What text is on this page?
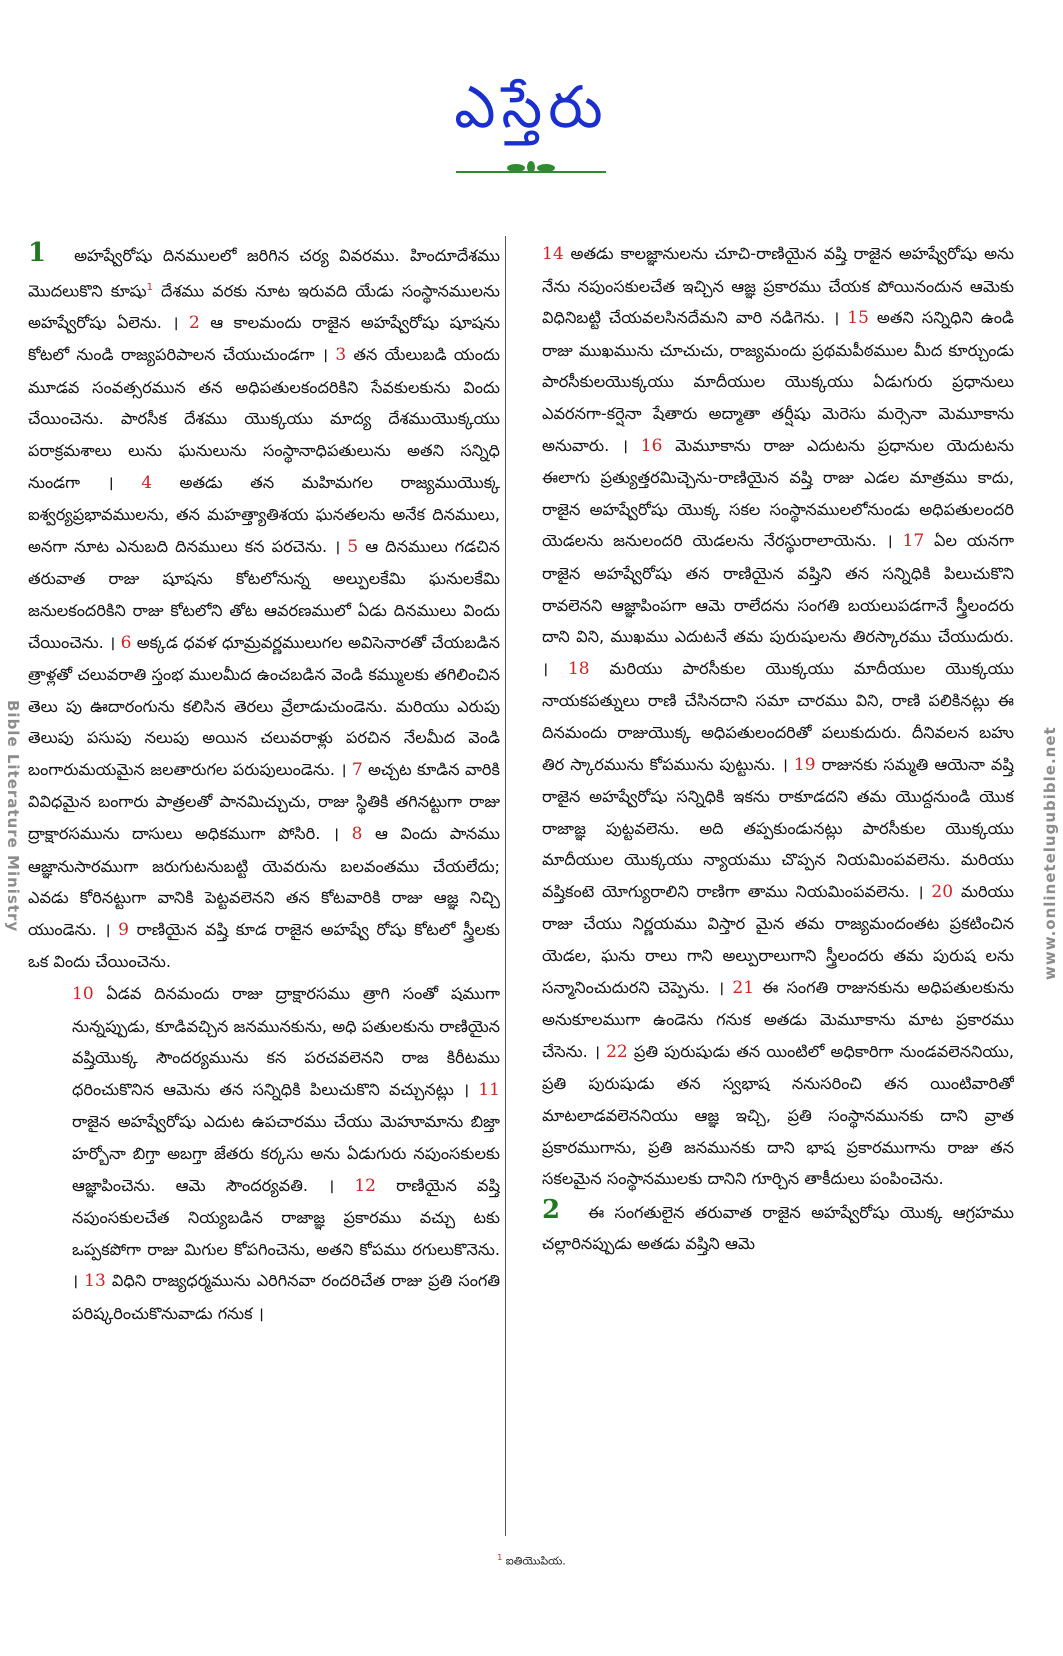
ఎస్తేరు
Bible Literature Ministry	www.onlinetelugubible.net

1 అహష్వేరోషు దినములలో జరిగిన చర్య వివరము. హిందూదేశము మొదలుకొని కూషు$^1$ దేశము వరకు నూట ఇరువది యేడు సంస్థానములను అహష్వేరోషు ఏలెను. । 2 ఆ కాలమందు రాజైన అహష్వేరోషు షూషను కోటలో నుండి రాజ్యపరిపాలన చేయుచుండగా । 3 తన యేలుబడి యందు మూడవ సంవత్సరమున తన అధిపతులకందరికిని సేవకులకును విందు చేయించెను. పారసీక దేశము యొక్కయు మాద్య దేశముయొక్కయు పరాక్రమశాలు లును ఘనులును సంస్థానాధిపతులును అతని సన్నిధి నుండగా । 4 అతడు తన మహిమగల రాజ్యముయొక్క ఐశ్వర్యప్రభావములను, తన మహత్త్యాతిశయ ఘనతలను అనేక దినములు, అనగా నూట ఎనుబది దినములు కన పరచెను. । 5 ఆ దినములు గడచిన తరువాత రాజు షూషను కోటలోనున్న అల్పులకేమి ఘనులకేమి జనులకందరికిని రాజు కోటలోని తోట ఆవరణములో ఏడు దినములు విందు చేయించెను. । 6 అక్కడ ధవళ ధూమ్రవర్ణములుగల అవిసెనారతో చేయబడిన త్రాళ్లతో చలువరాతి స్తంభ ములమీద ఉంచబడిన వెండి కమ్ములకు తగిలించిన తెలు పు ఊదారంగును కలిసిన తెరలు వ్రేలాడుచుండెను. మరియు ఎరుపు తెలుపు పసుపు నలుపు అయిన చలువరాళ్లు పరచిన నేలమీద వెండి బంగారుమయమైన జలతారుగల పరుపులుండెను. । 7 అచ్చట కూడిన వారికి వివిధమైన బంగారు పాత్రలతో పానమిచ్చుచు, రాజు స్థితికి తగినట్టుగా రాజు ద్రాక్షారసమును దాసులు అధికముగా పోసిరి. । 8 ఆ విందు పానము ఆజ్ఞానుసారముగా జరుగుటనుబట్టి యెవరును బలవంతము చేయలేదు; ఎవడు కోరినట్టుగా వానికి పెట్టవలెనని తన కోటవారికి రాజు ఆజ్ఞ నిచ్చి యుండెను. । 9 రాణియైన వష్తి కూడ రాజైన అహష్వే రోషు కోటలో స్త్రీలకు ఒక విందు చేయించెను.

10 ఏడవ దినమందు రాజు ద్రాక్షారసము త్రాగి సంతో షముగా నున్నప్పుడు, కూడివచ్చిన జనమునకును, అధి పతులకును రాణియైన వష్తియొక్క సౌందర్యమును కన పరచవలెనని రాజ కిరీటము ధరించుకొనిన ఆమెను తన సన్నిధికి పిలుచుకొని వచ్చునట్లు । 11 రాజైన అహష్వేరోషు ఎదుట ఉపచారము చేయు మెహూమాను బిజ్తా హర్బోనా బిగ్తా అబగ్తా జేతరు కర్కసు అను ఏడుగురు నపుంసకులకు ఆజ్ఞాపించెను. ఆమె సౌందర్యవతి. । 12 రాణియైన వష్తి నపుంసకులచేత నియ్యబడిన రాజాజ్ఞ ప్రకారము వచ్చు టకు ఒప్పకపోగా రాజు మిగుల కోపగించెను, అతని కోపము రగులుకొనెను. । 13 విధిని రాజ్యధర్మమును ఎరిగినవా రందరిచేత రాజు ప్రతి సంగతి పరిష్కరించుకొనువాడు గనుక ।

14 అతడు కాలజ్ఞానులను చూచి-రాణియైన వష్తి రాజైన అహష్వేరోషు అను నేను నపుంసకులచేత ఇచ్చిన ఆజ్ఞ ప్రకారము చేయక పోయినందున ఆమెకు విధినిబట్టి చేయవలసినదేమని వారి నడిగెను. । 15 అతని సన్నిధిని ఉండి రాజు ముఖమును చూచుచు, రాజ్యమందు ప్రథమపీఠముల మీద కూర్చుండు పారసీకులయొక్కయు మాదీయుల యొక్కయు ఏడుగురు ప్రధానులు ఎవరనగా-కర్షెనా షేతారు అద్మాతా తర్షీషు మెరెసు మర్సెనా మెమూకాను అనువారు. । 16 మెమూకాను రాజు ఎదుటను ప్రధానుల యెదుటను ఈలాగు ప్రత్యుత్తరమిచ్చెను-రాణియైన వష్తి రాజు ఎడల మాత్రము కాదు, రాజైన అహష్వేరోషు యొక్క సకల సంస్థానములలోనుండు అధిపతులందరి యెడలను జనులందరి యెడలను నేరస్థురాలాయెను. । 17 ఏల యనగా రాజైన అహష్వేరోషు తన రాణియైన వష్తిని తన సన్నిధికి పిలుచుకొని రావలెనని ఆజ్ఞాపింపగా ఆమె రాలేదను సంగతి బయలుపడగానే స్త్రీలందరు దాని విని, ముఖము ఎదుటనే తమ పురుషులను తిరస్కారము చేయుదురు. । 18 మరియు పారసీకుల యొక్కయు మాదీయుల యొక్కయు నాయకపత్నులు రాణి చేసినదాని సమా చారము విని, రాణి పలికినట్లు ఈ దినమందు రాజుయొక్క అధిపతులందరితో పలుకుదురు. దీనివలన బహు తిర స్కారమును కోపమును పుట్టును. । 19 రాజునకు సమ్మతి ఆయెనా వష్తి రాజైన అహష్వేరోషు సన్నిధికి ఇకను రాకూడదని తమ యొద్దనుండి యొక రాజాజ్ఞ పుట్టవలెను. అది తప్పకుండునట్లు పారసీకుల యొక్కయు మాదీయుల యొక్కయు న్యాయము చొప్పన నియమింపవలెను. మరియు వష్తికంటె యోగ్యురాలిని రాణిగా తాము నియమింపవలెను. । 20 మరియు రాజు చేయు నిర్ణయము విస్తార మైన తమ రాజ్యమందంతట ప్రకటించిన యెడల, ఘను రాలు గాని అల్పురాలుగాని స్త్రీలందరు తమ పురుష లను సన్మానించుదురని చెప్పెను. । 21 ఈ సంగతి రాజునకును అధిపతులకును అనుకూలముగా ఉండెను గనుక అతడు మెమూకాను మాట ప్రకారము చేసెను. । 22 ప్రతి పురుషుడు తన యింటిలో అధికారిగా నుండవలెననియు, ప్రతి పురుషుడు తన స్వభాష ననుసరించి తన యింటివారితో మాటలాడవలెననియు ఆజ్ఞ ఇచ్చి, ప్రతి సంస్థానమునకు దాని వ్రాత ప్రకారముగాను, ప్రతి జనమునకు దాని భాష ప్రకారముగాను రాజు తన సకలమైన సంస్థానములకు దానిని గూర్చిన తాకీదులు పంపించెను.

2 ఈ సంగతులైన తరువాత రాజైన అహష్వేరోషు యొక్క ఆగ్రహము చల్లారినప్పుడు అతడు వష్తిని ఆమె

$^1$ ఐతియొపియ.
